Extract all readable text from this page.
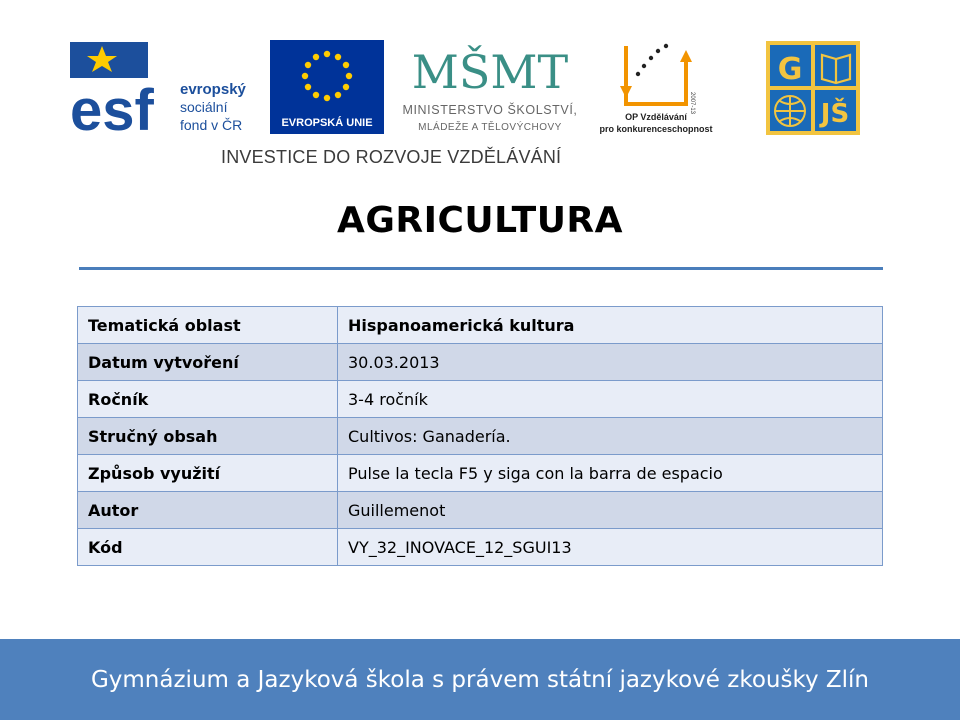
esf evropský
sociální
fond v ČR	EVROPSKÁ UNIE
MŠMT
MINISTERSTVO ŠKOLSTVÍ,
MLÁDEŽE A TĚLOVÝCHOVY
2007-13
OP Vzdělávání
pro konkurenceschopnost
G
JŠ
INVESTICE DO ROZVOJE VZDĚLÁVÁNÍ
AGRICULTURA
Tematická oblast	Hispanoamerická kultura
Datum vytvoření	30.03.2013
Ročník	3-4 ročník
Stručný obsah	Cultivos: Ganadería.
Způsob využití	Pulse la tecla F5 y siga con la barra de espacio
Autor	Guillemenot
Kód	VY_32_INOVACE_12_SGUI13
Gymnázium a Jazyková škola s právem státní jazykové zkoušky Zlín
